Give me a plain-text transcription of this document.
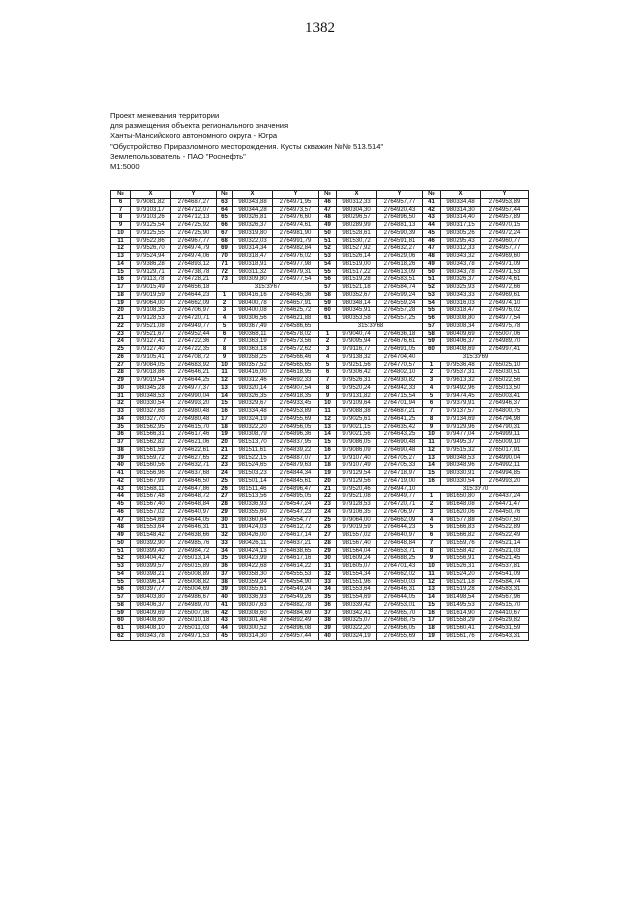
1382
Проект межевания территории
для размещения объекта регионального значения
Ханты-Мансийского автономного округа - Югра
"Обустройство Приразломного месторождения. Кусты скважин №№ 513.514"
Землепользователь - ПАО "Роснефть"
М1:5000
№	X	Y	№	X	Y	№	X	Y	№	X	Y
6	979081,82	2764687,27	63	980343,88	2764971,95	46	980312,33	2764957,77	41	980334,48	2764953,89
7	979103,17	2764712,07	64	980344,28	2764973,57	47	980304,30	2764920,43	42	980314,30	2764957,44
8	979103,26	2764712,13	65	980326,81	2764976,60	48	980296,57	2764896,50	43	980314,40	2764957,89
9	979125,54	2764725,92	66	980326,37	2764974,61	49	980289,99	2764881,13	44	980317,15	2764970,15
10	979125,55	2764725,90	67	980319,80	2764981,90	50	981528,61	2764590,39	45	980305,26	2764972,24
11	979522,86	2764967,77	68	980322,03	2764991,79	51	981530,72	2764591,81	46	980295,43	2764960,77
12	979526,70	2764974,79	69	980314,34	2764982,84	52	981527,92	2764632,27	47	980312,33	2764957,77
13	979524,94	2764974,06	70	980318,47	2764976,02	53	981526,14	2764629,06	48	980343,32	2764969,60
14	979386,28	2764893,12	71	980318,91	2764977,98	54	981519,00	2764618,26	49	980343,78	2764971,09
15	979129,71	2764738,78	72	980311,32	2764979,31	55	981517,22	2764613,09	50	980343,78	2764971,53
16	979113,78	2764728,21	73	980309,80	2764977,54	56	981519,28	2764583,51	51	980326,37	2764974,61
17	979015,49	2764656,18	315:3У67			57	981521,18	2764584,74	52	980325,93	2764972,66
18	979019,59	2764644,23	1	980416,16	2764645,36	58	980352,67	2764599,24	53	980343,33	2764969,61
19	979064,00	2764662,09	2	980400,78	2764657,91	59	980348,14	2764559,24	54	980316,03	2764974,10
20	979108,35	2764706,97	3	980400,08	2764625,72	60	980345,91	2764557,28	55	980318,47	2764976,02
21	979128,53	2764720,71	4	980306,56	2764621,88	61	980353,58	2764557,25	56	980308,80	2764977,54
22	979521,08	2764949,77	5	980367,49	2764586,65	315:3У68			57	980308,34	2764975,78
23	979521,67	2764952,44	6	980368,11	2764578,02	1	979040,74	2764636,18	58	980409,69	2765007,06
24	979127,41	2764722,36	7	980363,19	2764573,56	2	979095,94	2764676,61	59	980406,37	2764989,70
25	979127,40	2764722,35	8	980363,18	2764572,62	3	979116,77	2764691,05	60	980408,69	2764997,41
26	979105,41	2764708,72	9	980358,25	2764566,46	4	979138,32	2764704,40	315:3У69		
27	979084,05	2764683,92	10	980357,52	2764565,65	5	979251,56	2764770,57	1	979536,48	2765025,10
28	979018,86	2764646,21	11	980416,00	2764618,95	6	979306,42	2764802,10	2	979537,31	2765030,51
29	979019,54	2764644,25	12	980312,46	2764692,33	7	979526,31	2764930,82	3	979613,32	2765022,56
30	980345,28	2764977,37	13	980320,14	2764907,54	8	979520,24	2764942,33	4	979492,96	2765013,50
31	980348,53	2764990,04	14	980326,35	2764918,35	9	979131,82	2764715,54	5	979474,45	2765003,41
32	980330,54	2764993,20	15	980329,67	2764933,45	10	979109,64	2764701,94	6	979379,91	2764946,37
33	980327,68	2764980,48	16	980334,48	2764953,89	11	979088,38	2764687,21	7	979137,57	2764800,75
34	980327,70	2764980,48	17	980324,19	2764955,69	12	979025,61	2764641,25	8	979134,69	2764794,98
35	981562,95	2764615,70	18	980322,20	2764956,05	13	979021,15	2764635,42	9	979129,96	2764790,31
36	981566,31	2764617,46	19	980308,79	2764896,36	14	979021,56	2764643,25	10	979477,04	2764999,11
37	981562,82	2764621,06	20	981513,70	2764837,95	15	979086,05	2764690,48	11	979495,37	2765009,10
38	981561,59	2764622,61	21	981511,61	2764839,22	16	979086,09	2764690,48	12	979515,32	2765017,91
39	981559,72	2764627,65	22	981522,15	2764887,07	17	979107,40	2764705,27	13	980348,53	2764990,04
40	981560,56	2764632,71	23	981524,65	2764879,63	18	979107,49	2764705,33	14	980348,96	2764992,11
41	981556,96	2764637,68	24	981503,23	2764844,34	19	979129,54	2764718,97	15	980330,91	2764994,85
42	981567,99	2764646,50	25	981501,14	2764845,61	20	979129,56	2764719,00	16	980330,54	2764993,20
43	981568,11	2764647,86	26	981511,46	2764896,47	21	979520,46	2764947,10	315:3У70		
44	981567,48	2764648,72	27	981513,56	2764895,05	22	979521,08	2764949,77	1	981650,80	2764437,24
45	981567,40	2764648,84	28	980336,93	2764547,24	23	979128,53	2764720,71	2	981648,08	2764471,47
46	981557,02	2764640,97	29	980355,60	2764547,23	24	979106,35	2764706,97	3	981620,06	2764450,76
47	981554,69	2764644,05	30	980360,64	2764554,77	25	979064,00	2764662,09	4	981577,88	2764507,50
48	981553,64	2764646,31	31	980424,03	2764612,72	26	979019,59	2764644,23	5	981566,83	2764522,89
49	981548,42	2764638,66	32	980426,00	2764617,14	27	981557,02	2764640,97	6	981566,82	2764522,49
50	980392,90	2764985,76	33	980426,11	2764637,21	28	981567,40	2764648,84	7	981559,76	2764521,14
51	980399,40	2764984,72	34	980424,13	2764638,65	29	981564,04	2764653,71	8	981558,42	2764521,03
52	980404,42	2765013,14	35	980423,99	2764617,16	30	981609,24	2764688,25	9	981556,91	2764521,45
53	980399,57	2765015,89	36	980422,68	2764614,22	31	981605,07	2764701,43	10	981526,31	2764537,81
54	980398,21	2765008,89	37	980358,30	2764555,53	32	981554,34	2764662,02	11	981524,20	2764541,09
55	980396,14	2765008,82	38	980359,24	2764554,90	33	981551,96	2764650,03	12	981521,18	2764584,74
56	980397,77	2765004,69	39	980355,61	2764549,24	34	981553,64	2764646,31	13	981519,28	2764583,31
57	980403,80	2764986,67	40	980336,93	2764549,26	35	981554,69	2764644,05	14	981498,54	2764567,96
58	980406,37	2764989,70	41	980307,63	2764882,78	36	980339,42	2764953,01	15	981495,53	2764515,70
59	980409,69	2765007,06	42	980308,60	2764884,69	37	980342,41	2764965,70	16	981614,90	2764410,67
60	980408,60	2765010,18	43	980301,48	2764892,49	38	980325,07	2764968,75	17	981558,29	2764529,82
61	980408,10	2765011,03	44	980300,52	2764896,08	39	980322,20	2764956,05	18	981560,41	2764531,59
62	980343,78	2764971,53	45	980314,30	2764957,44	40	980324,19	2764955,69	19	981561,76	2764543,31
